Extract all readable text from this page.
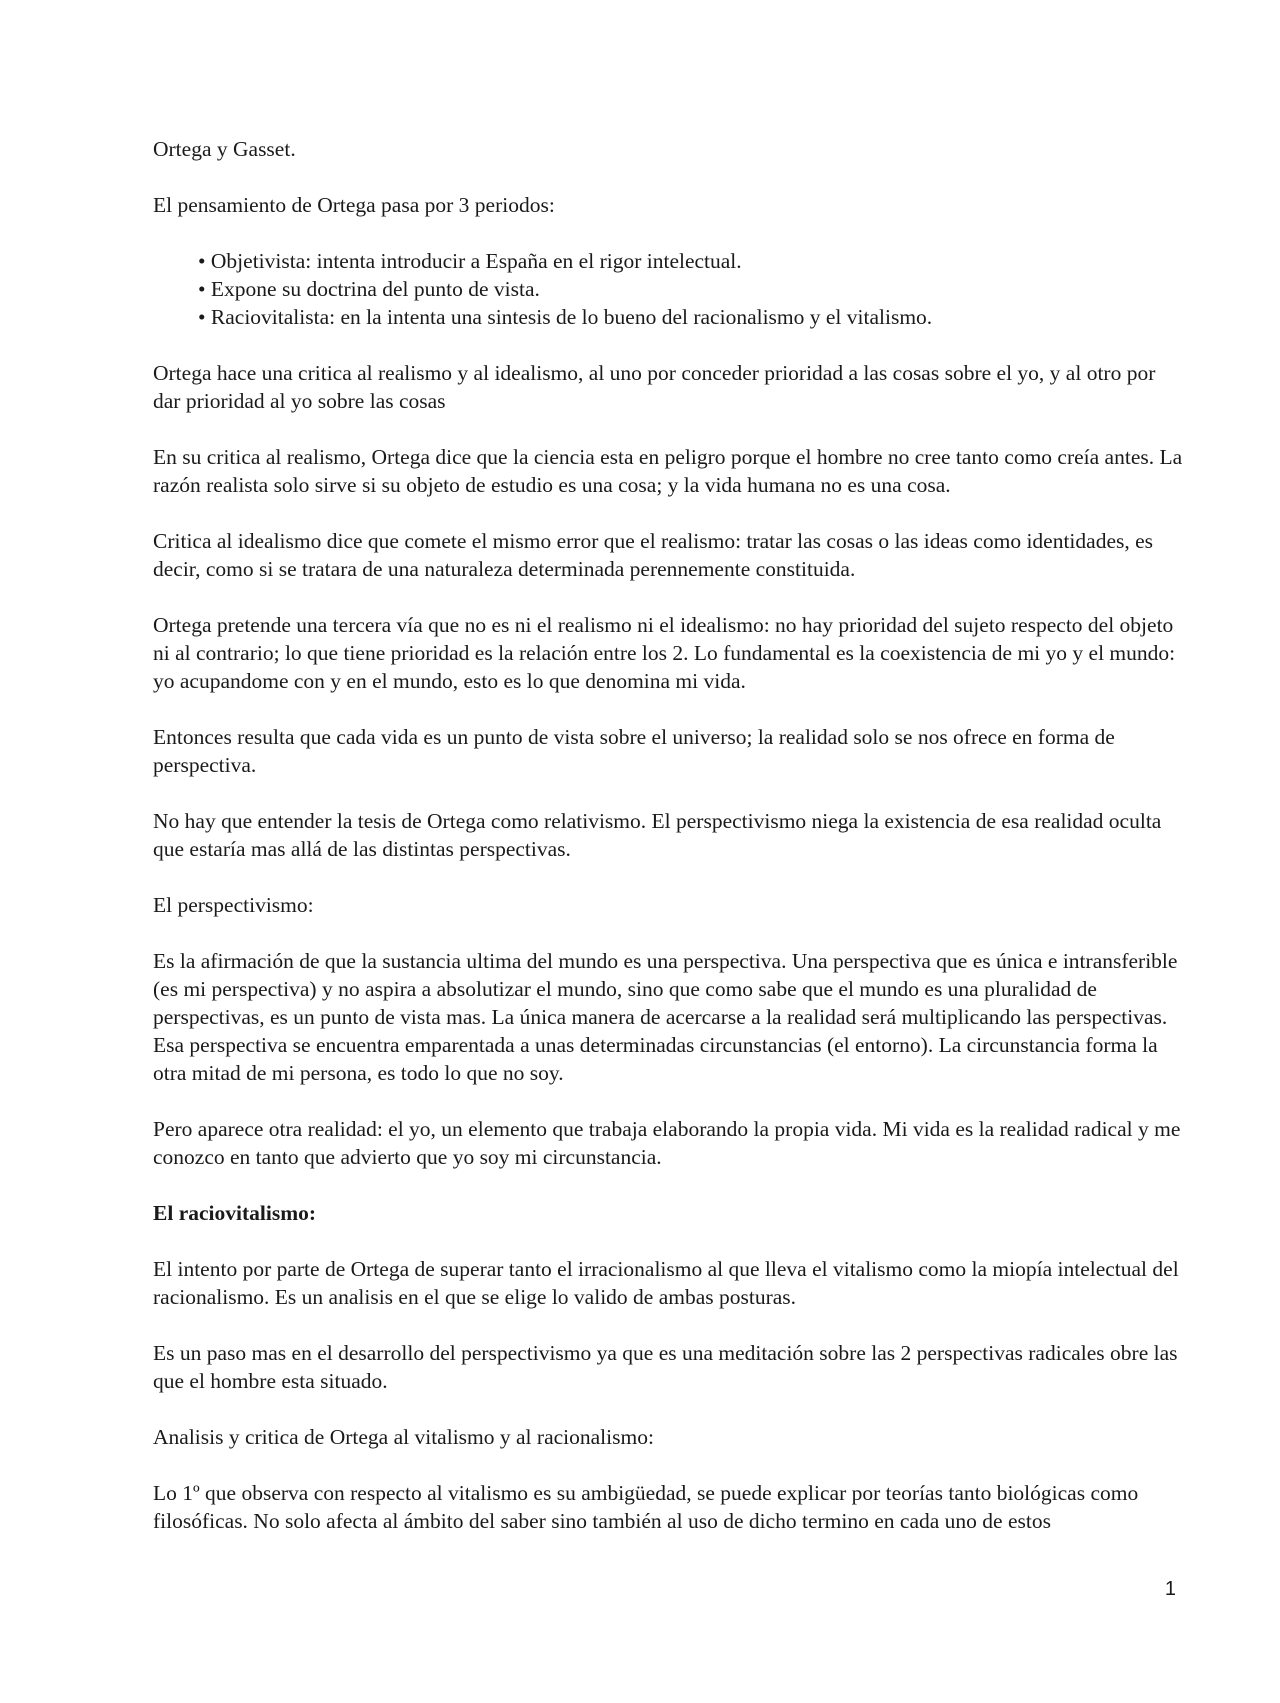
Ortega y Gasset.

El pensamiento de Ortega pasa por 3 periodos:

• Objetivista: intenta introducir a España en el rigor intelectual.
• Expone su doctrina del punto de vista.
• Raciovitalista: en la intenta una sintesis de lo bueno del racionalismo y el vitalismo.

Ortega hace una critica al realismo y al idealismo, al uno por conceder prioridad a las cosas sobre el yo, y al otro por dar prioridad al yo sobre las cosas

En su critica al realismo, Ortega dice que la ciencia esta en peligro porque el hombre no cree tanto como creía antes. La razón realista solo sirve si su objeto de estudio es una cosa; y la vida humana no es una cosa.

Critica al idealismo dice que comete el mismo error que el realismo: tratar las cosas o las ideas como identidades, es decir, como si se tratara de una naturaleza determinada perennemente constituida.

Ortega pretende una tercera vía que no es ni el realismo ni el idealismo: no hay prioridad del sujeto respecto del objeto ni al contrario; lo que tiene prioridad es la relación entre los 2. Lo fundamental es la coexistencia de mi yo y el mundo: yo acupandome con y en el mundo, esto es lo que denomina mi vida.

Entonces resulta que cada vida es un punto de vista sobre el universo; la realidad solo se nos ofrece en forma de perspectiva.

No hay que entender la tesis de Ortega como relativismo. El perspectivismo niega la existencia de esa realidad oculta que estaría mas allá de las distintas perspectivas.

El perspectivismo:

Es la afirmación de que la sustancia ultima del mundo es una perspectiva. Una perspectiva que es única e intransferible (es mi perspectiva) y no aspira a absolutizar el mundo, sino que como sabe que el mundo es una pluralidad de perspectivas, es un punto de vista mas. La única manera de acercarse a la realidad será multiplicando las perspectivas. Esa perspectiva se encuentra emparentada a unas determinadas circunstancias (el entorno). La circunstancia forma la otra mitad de mi persona, es todo lo que no soy.

Pero aparece otra realidad: el yo, un elemento que trabaja elaborando la propia vida. Mi vida es la realidad radical y me conozco en tanto que advierto que yo soy mi circunstancia.

El raciovitalismo:

El intento por parte de Ortega de superar tanto el irracionalismo al que lleva el vitalismo como la miopía intelectual del racionalismo. Es un analisis en el que se elige lo valido de ambas posturas.

Es un paso mas en el desarrollo del perspectivismo ya que es una meditación sobre las 2 perspectivas radicales obre las que el hombre esta situado.

Analisis y critica de Ortega al vitalismo y al racionalismo:

Lo 1º que observa con respecto al vitalismo es su ambigüedad, se puede explicar por teorías tanto biológicas como filosóficas. No solo afecta al ámbito del saber sino también al uso de dicho termino en cada uno de estos

1
